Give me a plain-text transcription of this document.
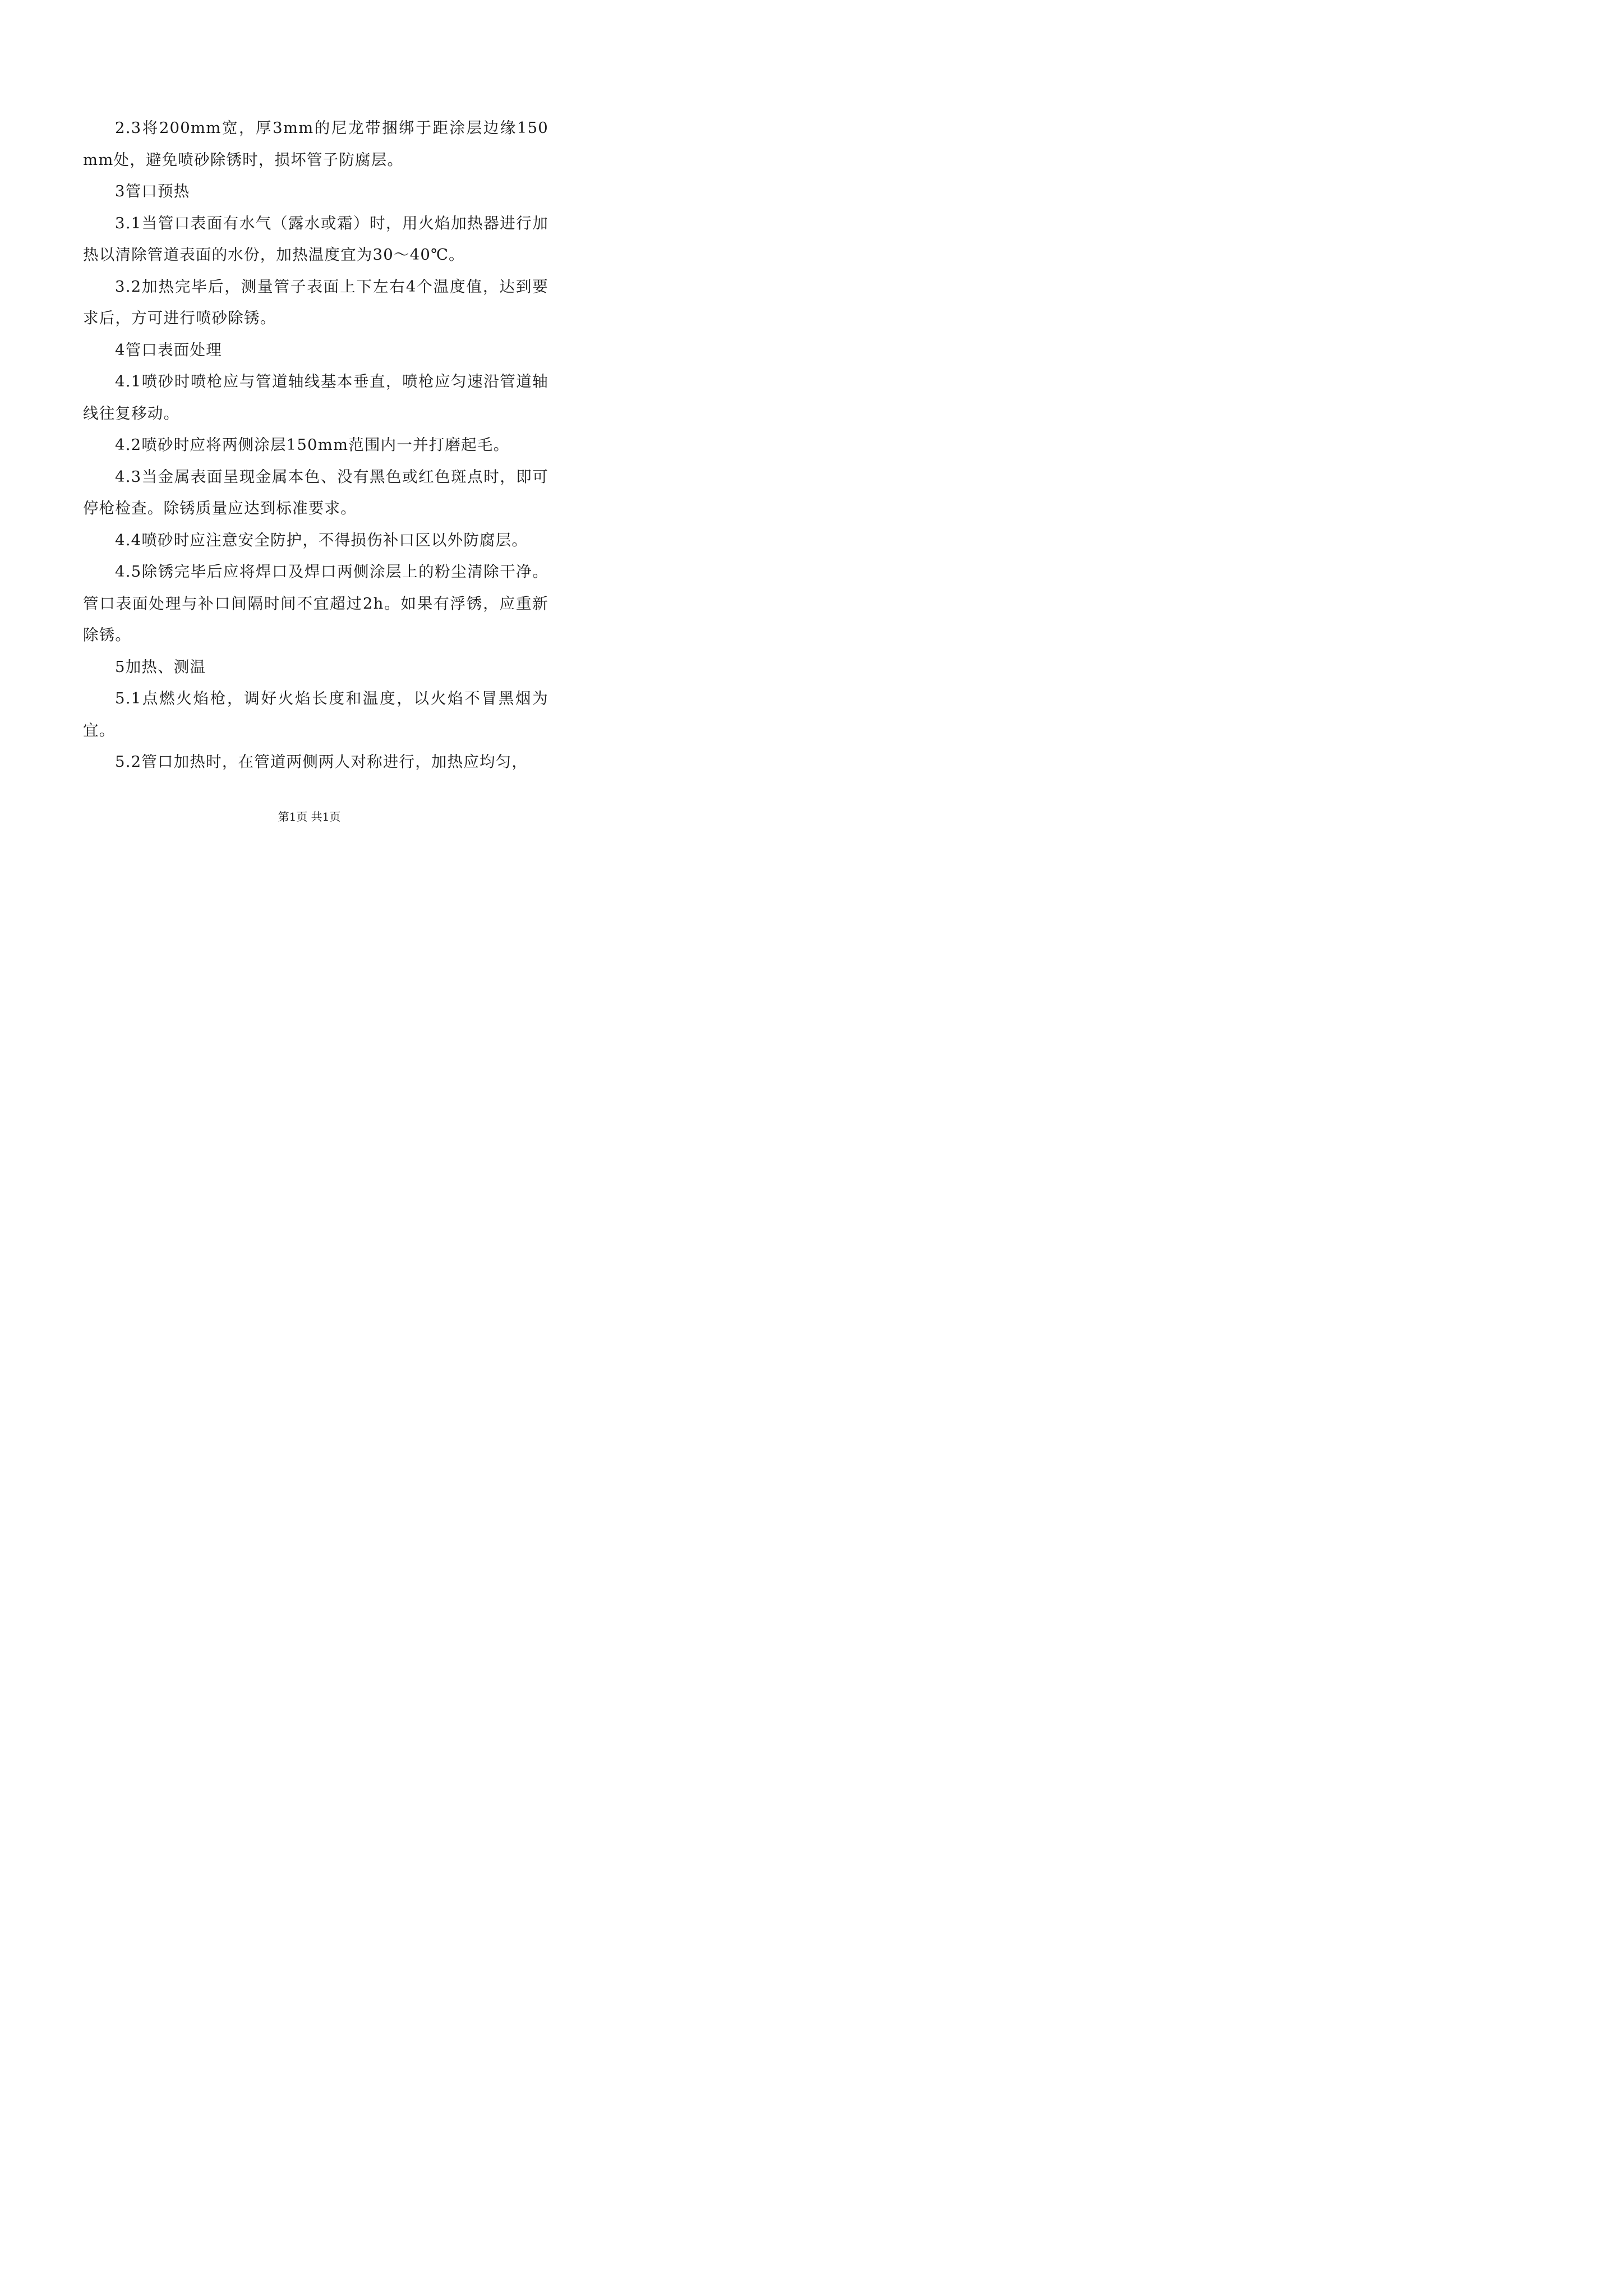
2.3将200mm宽，厚3mm的尼龙带捆绑于距涂层边缘150mm处，避免喷砂除锈时，损坏管子防腐层。

3管口预热

3.1当管口表面有水气（露水或霜）时，用火焰加热器进行加热以清除管道表面的水份，加热温度宜为30～40℃。

3.2加热完毕后，测量管子表面上下左右4个温度值，达到要求后，方可进行喷砂除锈。

4管口表面处理

4.1喷砂时喷枪应与管道轴线基本垂直，喷枪应匀速沿管道轴线往复移动。

4.2喷砂时应将两侧涂层150mm范围内一并打磨起毛。

4.3当金属表面呈现金属本色、没有黑色或红色斑点时，即可停枪检查。除锈质量应达到标准要求。

4.4喷砂时应注意安全防护，不得损伤补口区以外防腐层。

4.5除锈完毕后应将焊口及焊口两侧涂层上的粉尘清除干净。管口表面处理与补口间隔时间不宜超过2h。如果有浮锈，应重新除锈。

5加热、测温

5.1点燃火焰枪，调好火焰长度和温度，以火焰不冒黑烟为宜。

5.2管口加热时，在管道两侧两人对称进行，加热应均匀，

第1页 共1页
